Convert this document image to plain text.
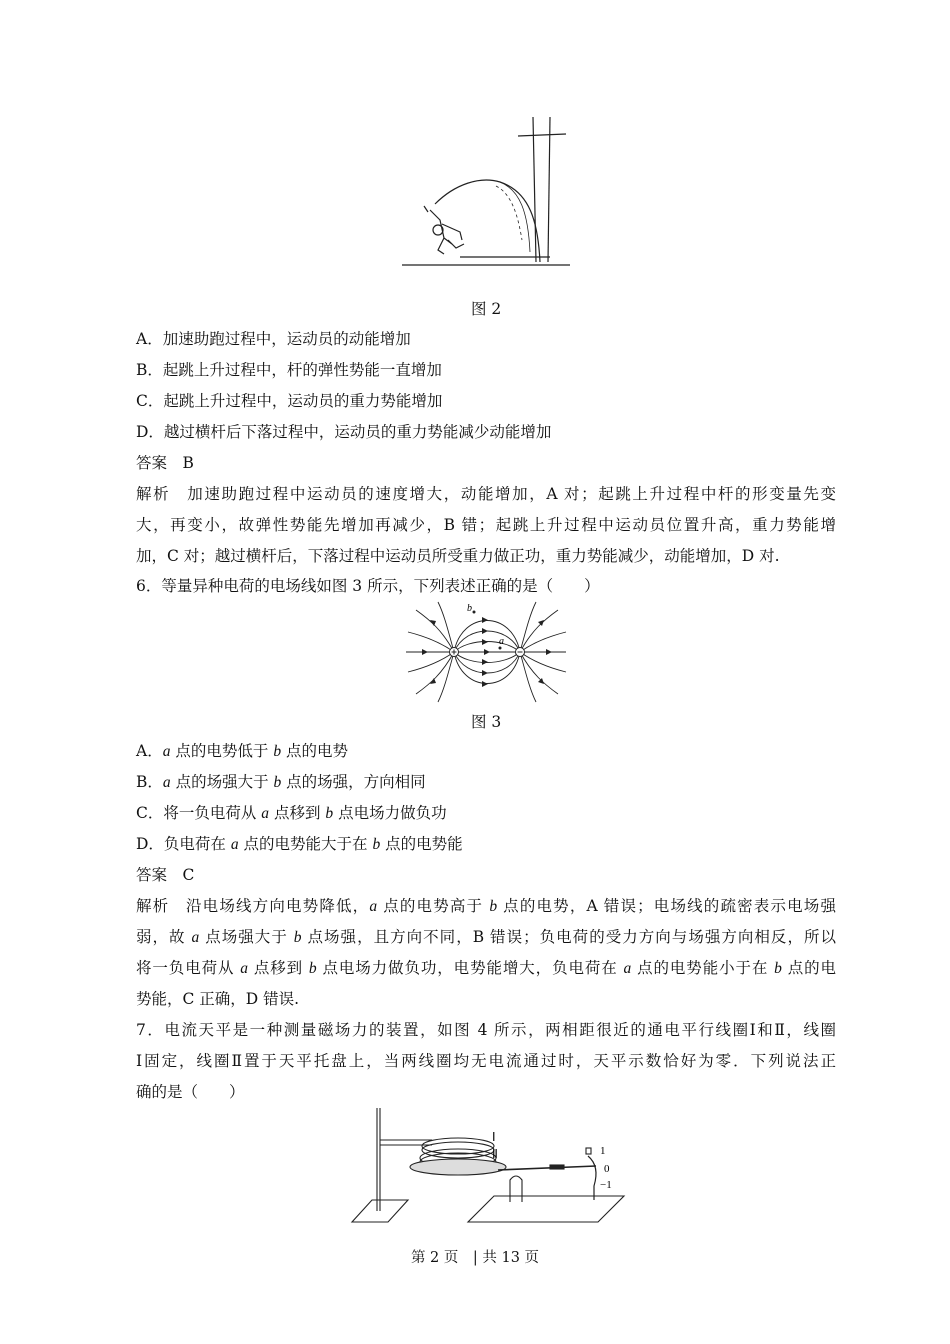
图 2
A．加速助跑过程中，运动员的动能增加
B．起跳上升过程中，杆的弹性势能一直增加
C．起跳上升过程中，运动员的重力势能增加
D．越过横杆后下落过程中，运动员的重力势能减少动能增加
答案　B
解析　加速助跑过程中运动员的速度增大，动能增加，A 对；起跳上升过程中杆的形变量先变
大，再变小，故弹性势能先增加再减少，B 错；起跳上升过程中运动员位置升高，重力势能增
加，C 对；越过横杆后，下落过程中运动员所受重力做正功，重力势能减少，动能增加，D 对.
6．等量异种电荷的电场线如图 3 所示，下列表述正确的是（　　）
b
a
图 3
A．a 点的电势低于 b 点的电势
B．a 点的场强大于 b 点的场强，方向相同
C．将一负电荷从 a 点移到 b 点电场力做负功
D．负电荷在 a 点的电势能大于在 b 点的电势能
答案　C
解析　沿电场线方向电势降低，a 点的电势高于 b 点的电势，A 错误；电场线的疏密表示电场强
弱，故 a 点场强大于 b 点场强，且方向不同，B 错误；负电荷的受力方向与场强方向相反，所以
将一负电荷从 a 点移到 b 点电场力做负功，电势能增大，负电荷在 a 点的电势能小于在 b 点的电
势能，C 正确，D 错误.
7．电流天平是一种测量磁场力的装置，如图 4 所示，两相距很近的通电平行线圈Ⅰ和Ⅱ，线圈
Ⅰ固定，线圈Ⅱ置于天平托盘上，当两线圈均无电流通过时，天平示数恰好为零．下列说法正
确的是（　　）
Ⅰ
Ⅱ	1
0
−1
第 2 页　| 共 13 页
